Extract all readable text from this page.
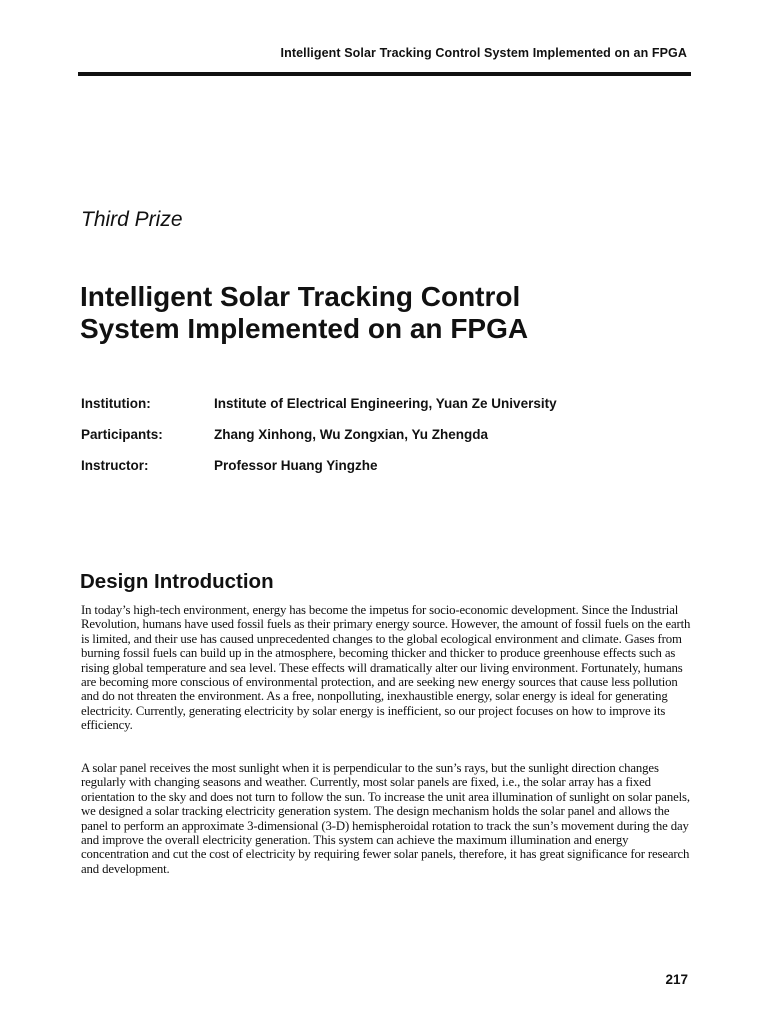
Intelligent Solar Tracking Control System Implemented on an FPGA
Third Prize
Intelligent Solar Tracking Control
System Implemented on an FPGA
Institution:	Institute of Electrical Engineering, Yuan Ze University
Participants:	Zhang Xinhong, Wu Zongxian, Yu Zhengda
Instructor:	Professor Huang Yingzhe
Design Introduction

In today’s high-tech environment, energy has become the impetus for socio-economic development. Since the Industrial Revolution, humans have used fossil fuels as their primary energy source. However, the amount of fossil fuels on the earth is limited, and their use has caused unprecedented changes to the global ecological environment and climate. Gases from burning fossil fuels can build up in the atmosphere, becoming thicker and thicker to produce greenhouse effects such as rising global temperature and sea level. These effects will dramatically alter our living environment. Fortunately, humans are becoming more conscious of environmental protection, and are seeking new energy sources that cause less pollution and do not threaten the environment. As a free, nonpolluting, inexhaustible energy, solar energy is ideal for generating electricity. Currently, generating electricity by solar energy is inefficient, so our project focuses on how to improve its efficiency.

A solar panel receives the most sunlight when it is perpendicular to the sun’s rays, but the sunlight direction changes regularly with changing seasons and weather. Currently, most solar panels are fixed, i.e., the solar array has a fixed orientation to the sky and does not turn to follow the sun. To increase the unit area illumination of sunlight on solar panels, we designed a solar tracking electricity generation system. The design mechanism holds the solar panel and allows the panel to perform an approximate 3-dimensional (3-D) hemispheroidal rotation to track the sun’s movement during the day and improve the overall electricity generation. This system can achieve the maximum illumination and energy concentration and cut the cost of electricity by requiring fewer solar panels, therefore, it has great significance for research and development.

217
